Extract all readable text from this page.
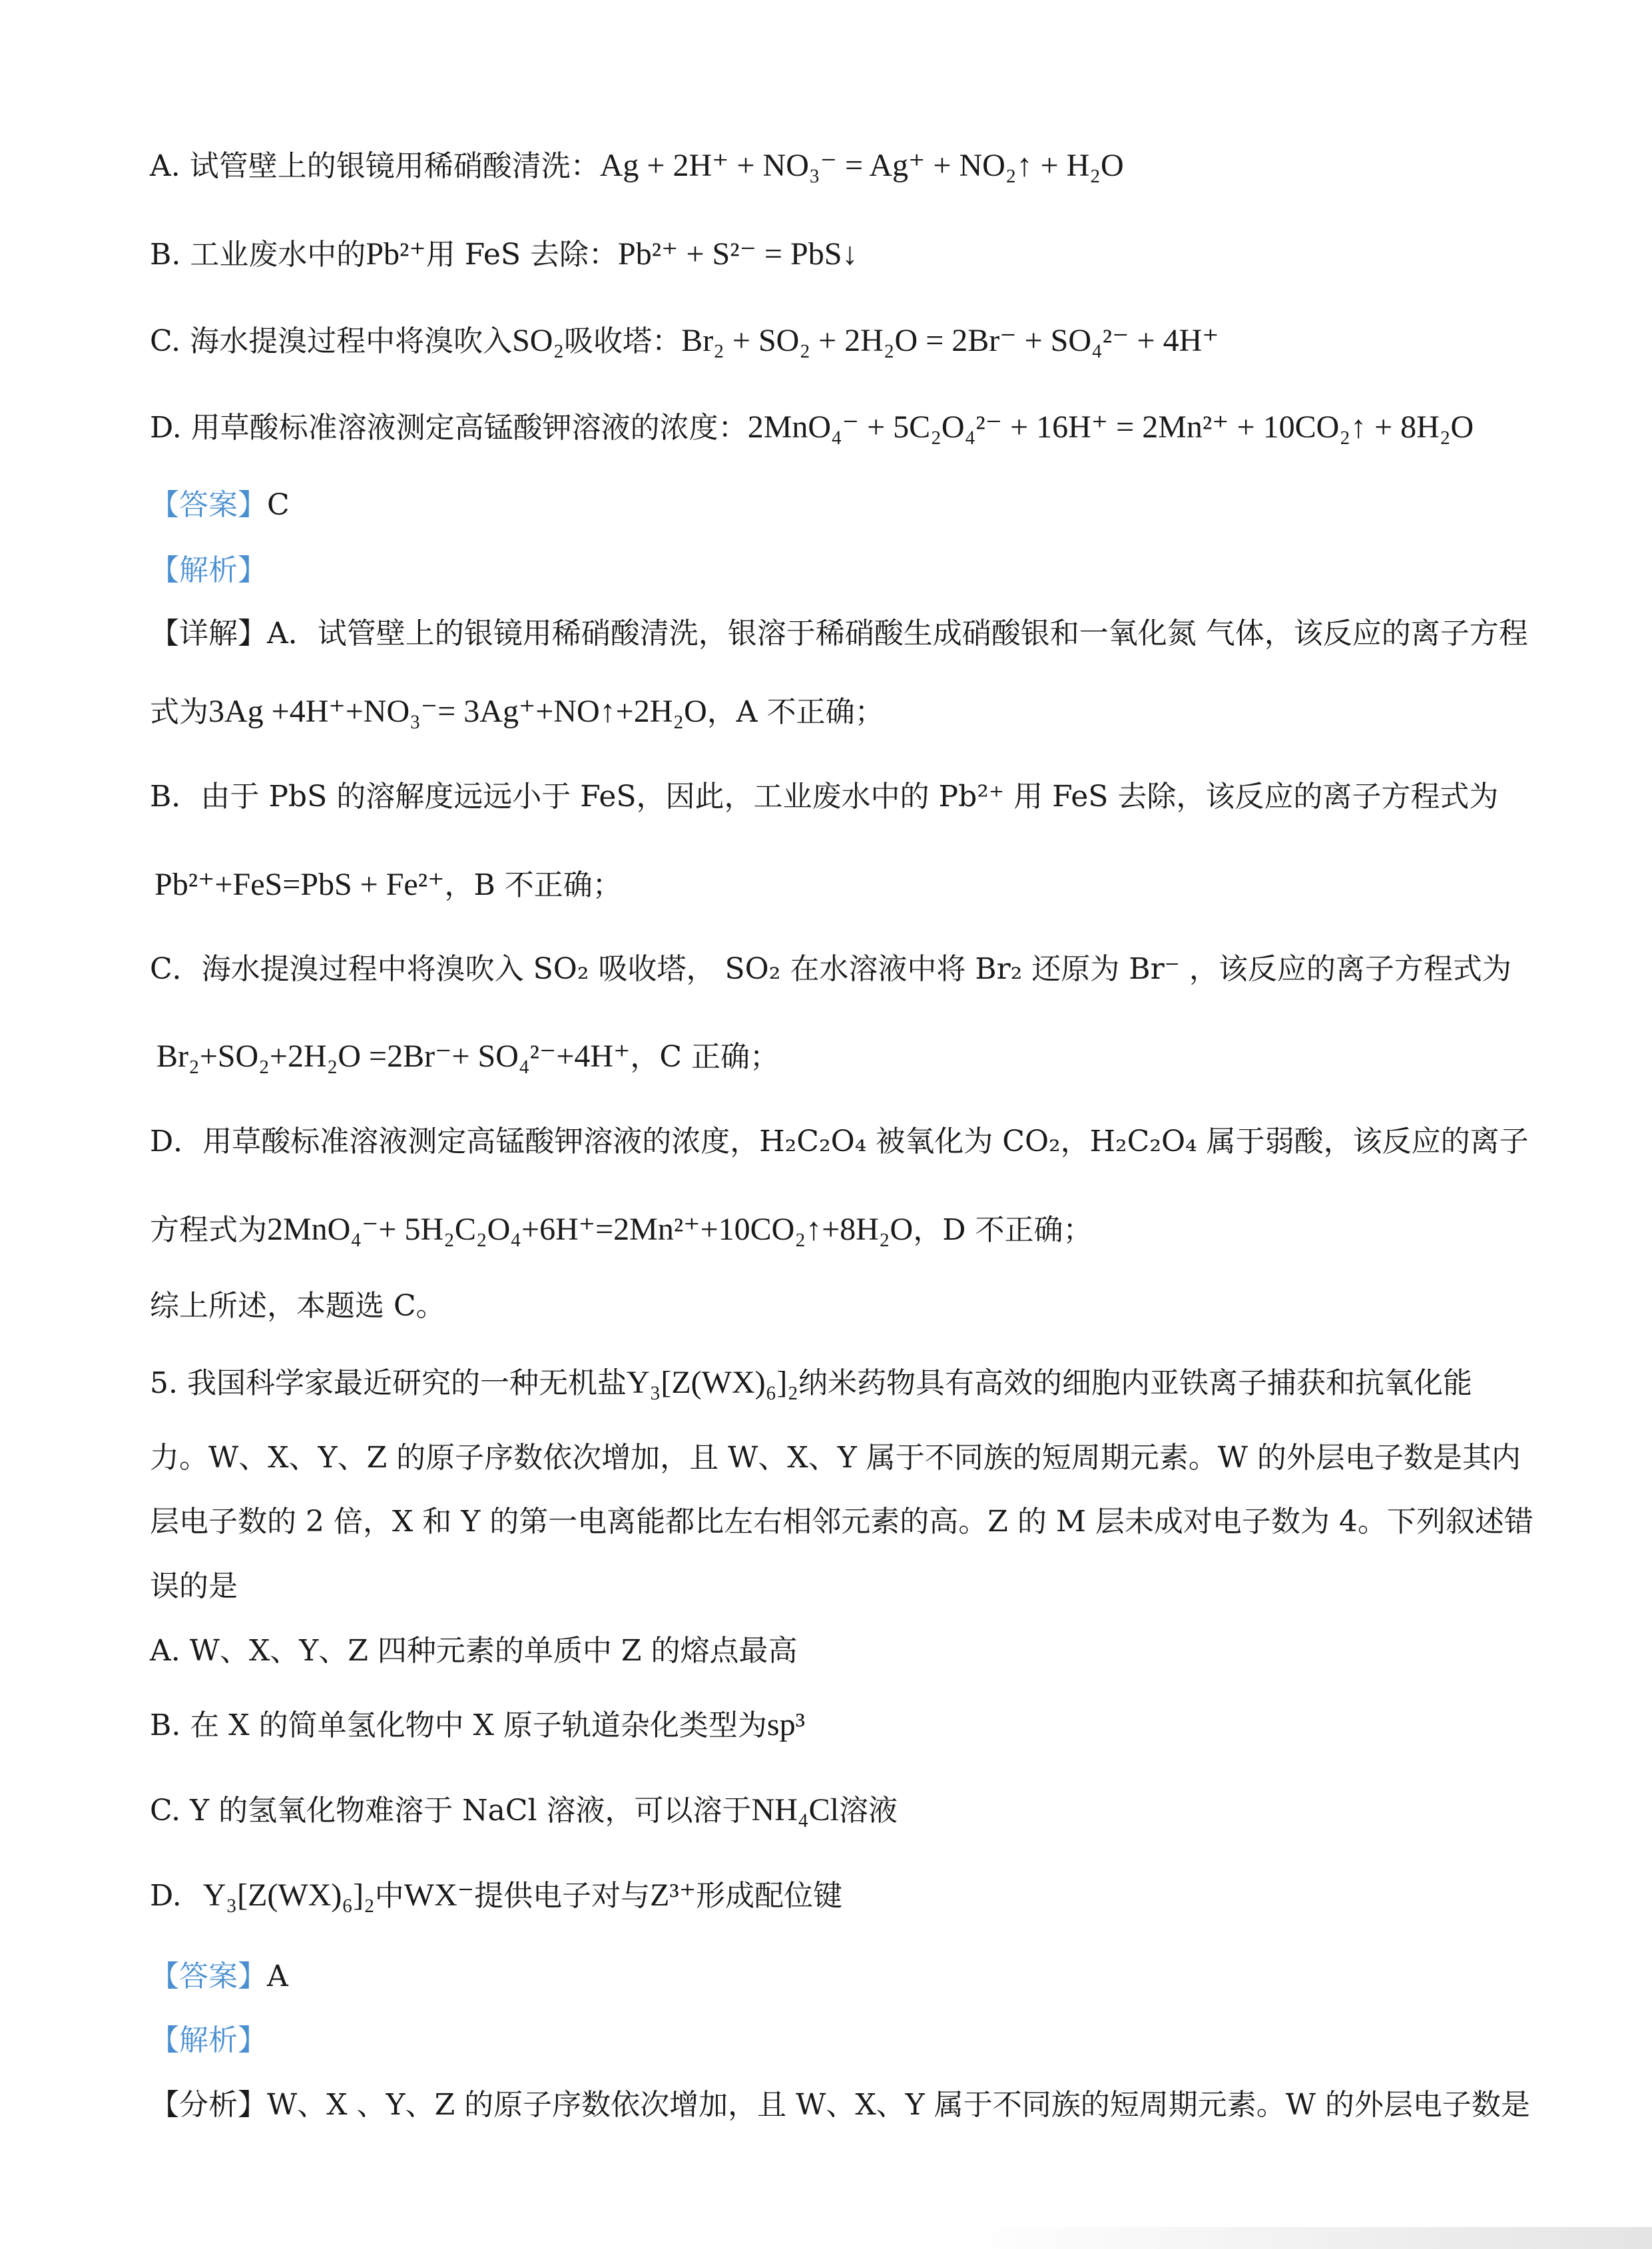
A. 试管壁上的银镜用稀硝酸清洗：Ag + 2H⁺ + NO₃⁻ = Ag⁺ + NO₂↑ + H₂O
B. 工业废水中的Pb²⁺用 FeS 去除：Pb²⁺ + S²⁻ = PbS↓
C. 海水提溴过程中将溴吹入SO₂吸收塔：Br₂ + SO₂ + 2H₂O = 2Br⁻ + SO₄²⁻ + 4H⁺
D. 用草酸标准溶液测定高锰酸钾溶液的浓度：2MnO₄⁻ + 5C₂O₄²⁻ + 16H⁺ = 2Mn²⁺ + 10CO₂↑ + 8H₂O
【答案】C
【解析】
【详解】A．试管壁上的银镜用稀硝酸清洗，银溶于稀硝酸生成硝酸银和一氧化氮 气体，该反应的离子方程
式为3Ag +4H⁺+NO₃⁻= 3Ag⁺+NO↑+2H₂O，A 不正确；
B．由于 PbS 的溶解度远远小于 FeS，因此，工业废水中的 Pb²⁺ 用 FeS 去除，该反应的离子方程式为
Pb²⁺+FeS=PbS + Fe²⁺，B 不正确；
C．海水提溴过程中将溴吹入 SO₂ 吸收塔， SO₂ 在水溶液中将 Br₂ 还原为 Br⁻ ，该反应的离子方程式为
Br₂+SO₂+2H₂O =2Br⁻+ SO₄²⁻+4H⁺，C 正确；
D．用草酸标准溶液测定高锰酸钾溶液的浓度，H₂C₂O₄ 被氧化为 CO₂，H₂C₂O₄ 属于弱酸，该反应的离子
方程式为2MnO₄⁻+ 5H₂C₂O₄+6H⁺=2Mn²⁺+10CO₂↑+8H₂O，D 不正确；
综上所述，本题选 C。
5. 我国科学家最近研究的一种无机盐Y₃[Z(WX)₆]₂纳米药物具有高效的细胞内亚铁离子捕获和抗氧化能
力。W、X、Y、Z 的原子序数依次增加，且 W、X、Y 属于不同族的短周期元素。W 的外层电子数是其内
层电子数的 2 倍，X 和 Y 的第一电离能都比左右相邻元素的高。Z 的 M 层未成对电子数为 4。下列叙述错
误的是
A. W、X、Y、Z 四种元素的单质中 Z 的熔点最高
B. 在 X 的简单氢化物中 X 原子轨道杂化类型为sp³
C. Y 的氢氧化物难溶于 NaCl 溶液，可以溶于NH₄Cl溶液
D. Y₃[Z(WX)₆]₂中WX⁻提供电子对与Z³⁺形成配位键
【答案】A
【解析】
【分析】W、X 、Y、Z 的原子序数依次增加，且 W、X、Y 属于不同族的短周期元素。W 的外层电子数是
